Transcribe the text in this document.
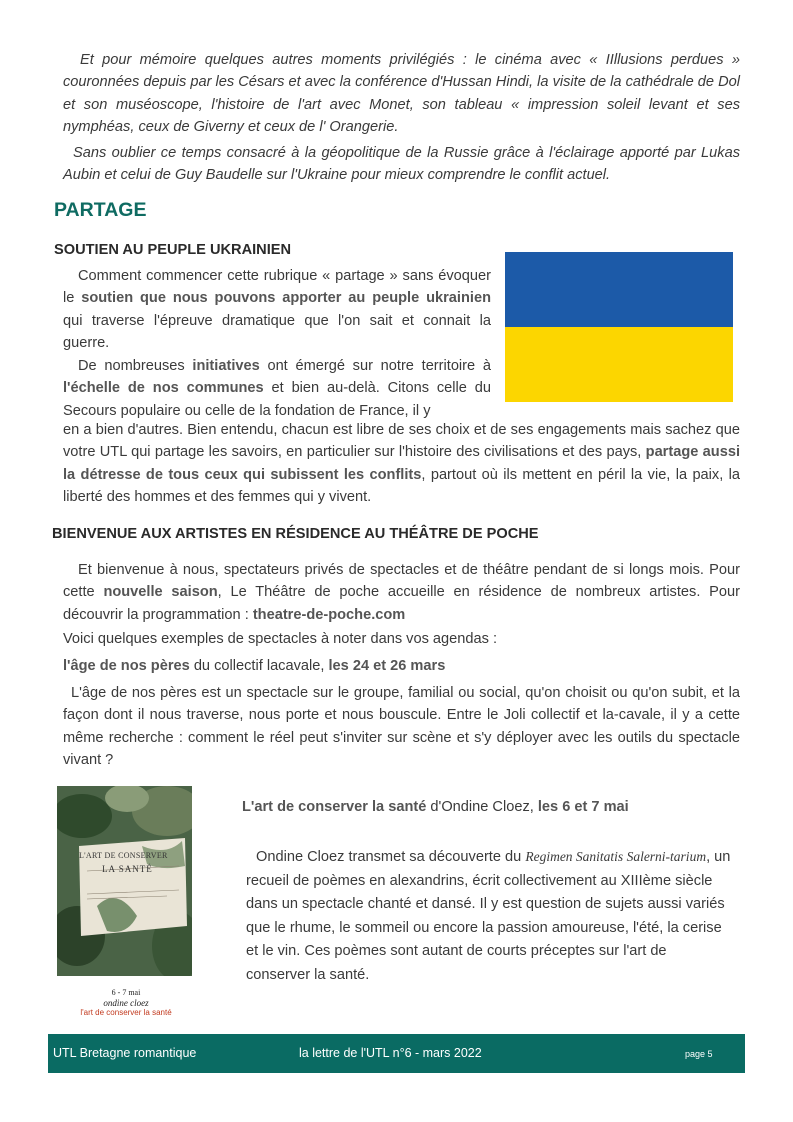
Et pour mémoire quelques autres moments privilégiés : le cinéma avec « IIllusions perdues » couronnées depuis par les Césars et avec la conférence d'Hussan Hindi, la visite de la cathédrale de Dol et son muséoscope, l'histoire de l'art avec Monet, son tableau « impression soleil levant et ses nymphéas, ceux de Giverny et ceux de l' Orangerie.

Sans oublier ce temps consacré à la géopolitique de la Russie grâce à l'éclairage apporté par Lukas Aubin et celui de Guy Baudelle sur l'Ukraine pour mieux comprendre le conflit actuel.

PARTAGE
SOUTIEN AU PEUPLE UKRAINIEN

Comment commencer cette rubrique « partage » sans évoquer le soutien que nous pouvons apporter au peuple ukrainien qui traverse l'épreuve dramatique que l'on sait et connait la guerre.

De nombreuses initiatives ont émergé sur notre territoire à l'échelle de nos communes et bien au-delà. Citons celle du Secours populaire ou celle de la fondation de France, il y

en a bien d'autres. Bien entendu, chacun est libre de ses choix et de ses engagements mais sachez que votre UTL qui partage les savoirs, en particulier sur l'histoire des civilisations et des pays, partage aussi la détresse de tous ceux qui subissent les conflits, partout où ils mettent en péril la vie, la paix, la liberté des hommes et des femmes qui y vivent.

BIENVENUE AUX ARTISTES EN RÉSIDENCE AU THÉÂTRE DE POCHE

Et bienvenue à nous, spectateurs privés de spectacles et de théâtre pendant de si longs mois. Pour cette nouvelle saison, Le Théâtre de poche accueille en résidence de nombreux artistes. Pour découvrir la programmation : theatre-de-poche.com

Voici quelques exemples de spectacles à noter dans vos agendas :

l'âge de nos pères du collectif lacavale, les 24 et 26 mars

L'âge de nos pères est un spectacle sur le groupe, familial ou social, qu'on choisit ou qu'on subit, et la façon dont il nous traverse, nous porte et nous bouscule. Entre le Joli collectif et la-cavale, il y a cette même recherche : comment le réel peut s'inviter sur scène et s'y déployer avec les outils du spectacle vivant ?

L'ART DE CONSERVER
LA SANTÉ
6 - 7 mai
ondine cloez
l'art de conserver la santé

L'art de conserver la santé d'Ondine Cloez, les 6 et 7 mai

Ondine Cloez transmet sa découverte du Regimen Sanitatis Salerni-tarium, un recueil de poèmes en alexandrins, écrit collectivement au XIIIème siècle dans un spectacle chanté et dansé. Il y est question de sujets aussi variés que le rhume, le sommeil ou encore la passion amoureuse, l'été, la cerise et le vin. Ces poèmes sont autant de courts préceptes sur l'art de conserver la santé.

UTL Bretagne romantique	la lettre de l'UTL n°6 - mars 2022	page 5
